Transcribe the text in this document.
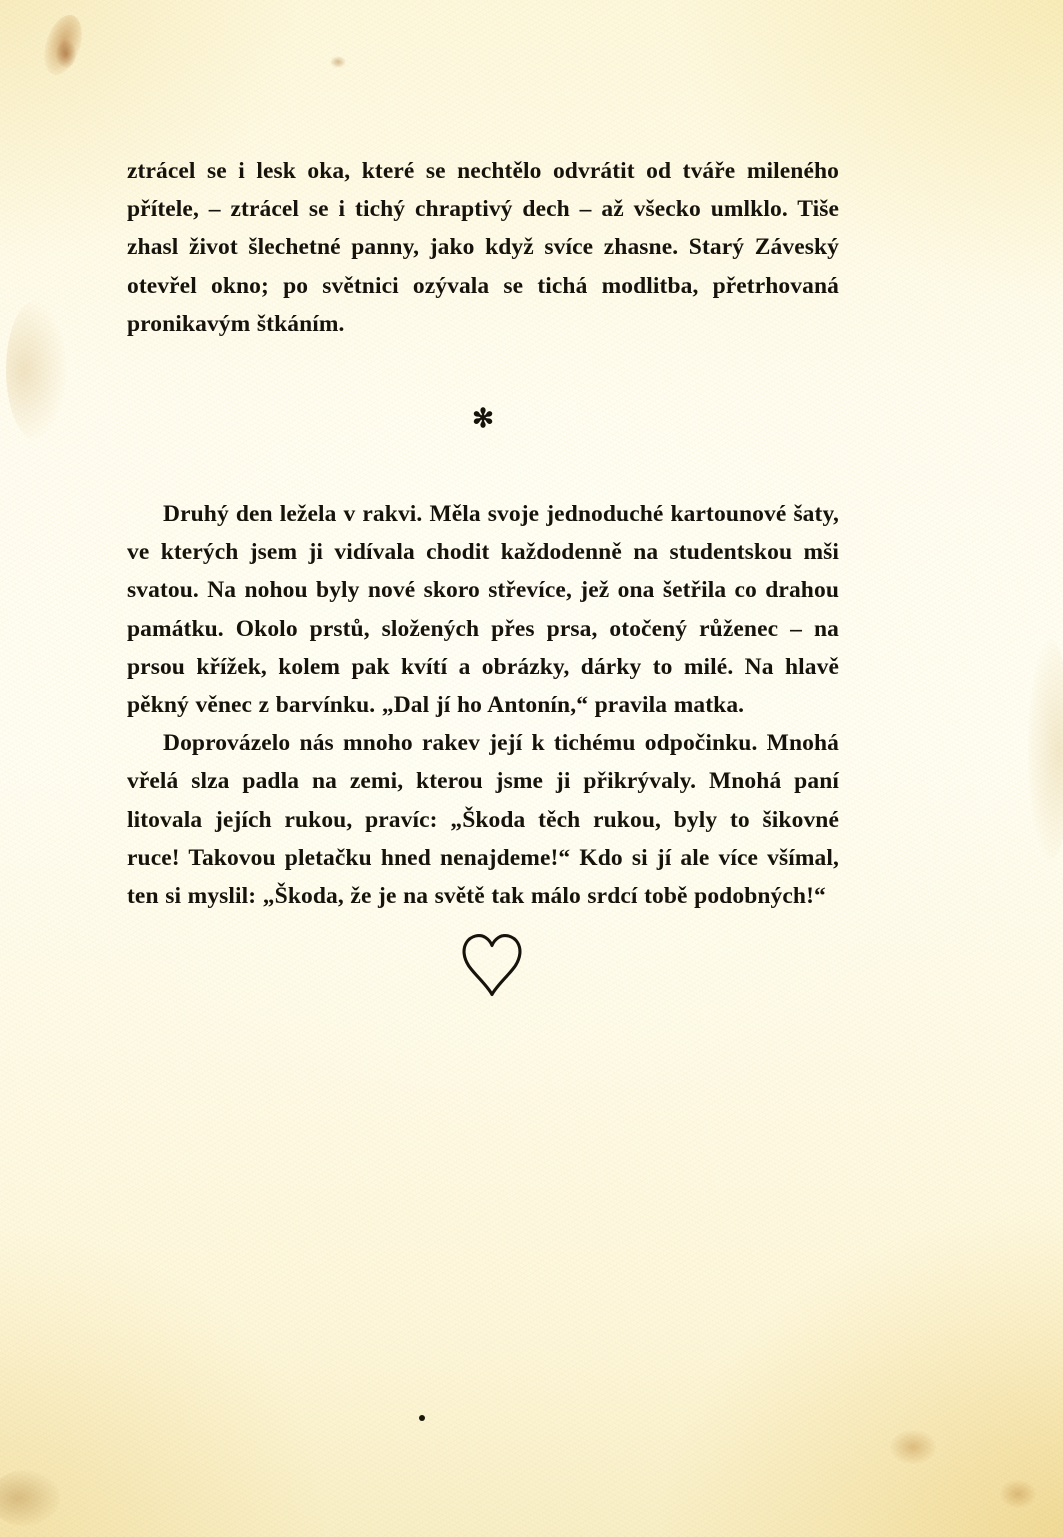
ztrácel se i lesk oka, které se nechtělo odvrátit od tváře mileného přítele, – ztrácel se i tichý chraptivý dech – až všecko umlklo. Tiše zhasl život šlechetné panny, jako když svíce zhasne. Starý Záveský otevřel okno; po světnici ozývala se tichá modlitba, přetrhovaná pronikavým štkáním.

✻

Druhý den ležela v rakvi. Měla svoje jednoduché kartounové šaty, ve kterých jsem ji vidívala chodit každodenně na studentskou mši svatou. Na nohou byly nové skoro střevíce, jež ona šetřila co drahou památku. Okolo prstů, složených přes prsa, otočený růženec – na prsou křížek, kolem pak kvítí a obrázky, dárky to milé. Na hlavě pěkný věnec z barvínku. „Dal jí ho Antonín,“ pravila matka.

Doprovázelo nás mnoho rakev její k tichému odpočinku. Mnohá vřelá slza padla na zemi, kterou jsme ji přikrývaly. Mnohá paní litovala jejích rukou, pravíc: „Škoda těch rukou, byly to šikovné ruce! Takovou pletačku hned nenajdeme!“ Kdo si jí ale více všímal, ten si myslil: „Škoda, že je na světě tak málo srdcí tobě podobných!“
